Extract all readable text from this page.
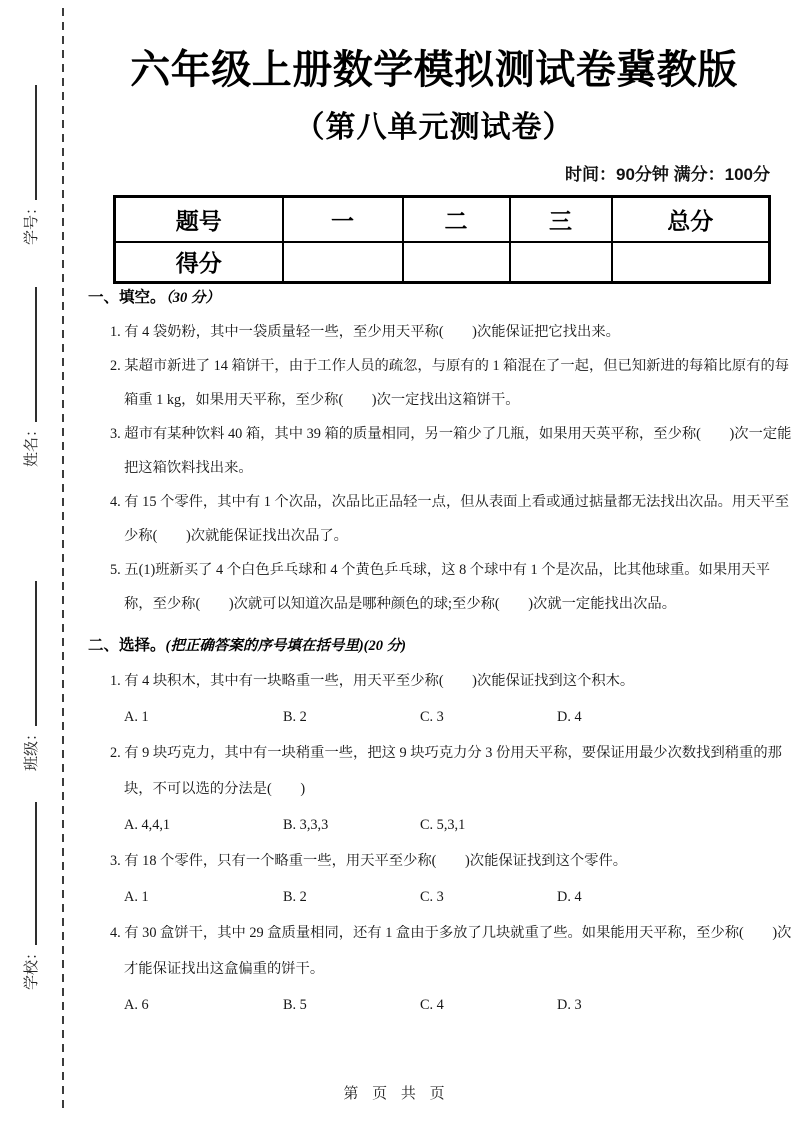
学号：
姓名：
班级：
学校：
六年级上册数学模拟测试卷冀教版
（第八单元测试卷）
时间：90分钟 满分：100分
题号	一	二	三	总分
得分				
一、填空。（30 分）
1. 有 4 袋奶粉，其中一袋质量轻一些，至少用天平称(　　)次能保证把它找出来。
2. 某超市新进了 14 箱饼干，由于工作人员的疏忽，与原有的 1 箱混在了一起，但已知新进的每箱比原有的每
箱重 1 kg，如果用天平称，至少称(　　)次一定找出这箱饼干。
3. 超市有某种饮料 40 箱，其中 39 箱的质量相同，另一箱少了几瓶，如果用天英平称，至少称(　　)次一定能
把这箱饮料找出来。
4. 有 15 个零件，其中有 1 个次品，次品比正品轻一点，但从表面上看或通过掂量都无法找出次品。用天平至
少称(　　)次就能保证找出次品了。
5. 五(1)班新买了 4 个白色乒乓球和 4 个黄色乒乓球，这 8 个球中有 1 个是次品，比其他球重。如果用天平
称，至少称(　　)次就可以知道次品是哪种颜色的球;至少称(　　)次就一定能找出次品。
二、选择。(把正确答案的序号填在括号里)(20 分)
1. 有 4 块积木，其中有一块略重一些，用天平至少称(　　)次能保证找到这个积木。
A. 1	B. 2	C. 3	D. 4
2. 有 9 块巧克力，其中有一块稍重一些，把这 9 块巧克力分 3 份用天平称，要保证用最少次数找到稍重的那
块，不可以选的分法是(　　)
A. 4,4,1	B. 3,3,3	C. 5,3,1
3. 有 18 个零件，只有一个略重一些，用天平至少称(　　)次能保证找到这个零件。
A. 1	B. 2	C. 3	D. 4
4. 有 30 盒饼干，其中 29 盒质量相同，还有 1 盒由于多放了几块就重了些。如果能用天平称，至少称(　　)次
才能保证找出这盒偏重的饼干。
A. 6	B. 5	C. 4	D. 3
第 页 共 页
